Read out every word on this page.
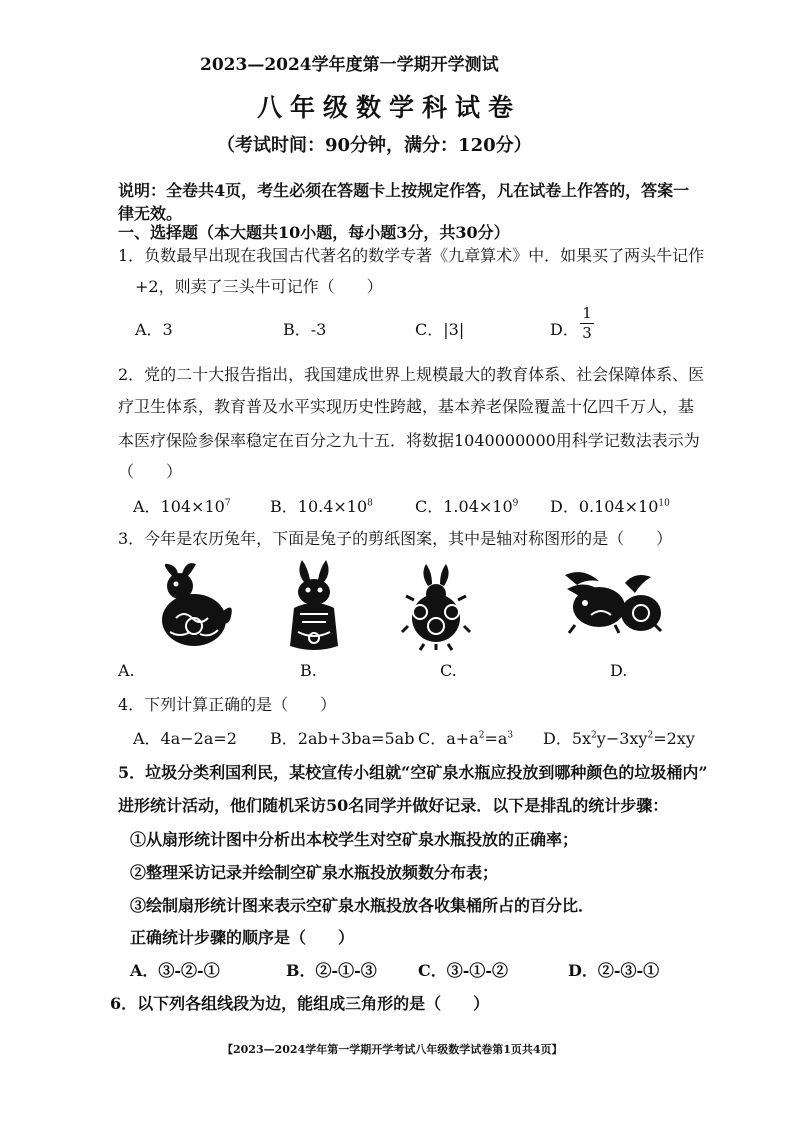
2023—2024学年度第一学期开学测试
八年级数学科试卷
（考试时间：90分钟，满分：120分）
说明：全卷共4页，考生必须在答题卡上按规定作答，凡在试卷上作答的，答案一
律无效。
一、选择题（本大题共10小题，每小题3分，共30分）
1．负数最早出现在我国古代著名的数学专著《九章算术》中．如果买了两头牛记作
+2，则卖了三头牛可记作（　　）
A．3	B．-3	C．|3|	D．
1
3
2．党的二十大报告指出，我国建成世界上规模最大的教育体系、社会保障体系、医
疗卫生体系，教育普及水平实现历史性跨越，基本养老保险覆盖十亿四千万人，基
本医疗保险参保率稳定在百分之九十五．将数据1040000000用科学记数法表示为
（　　）
A．$104\times 10^7$ B．$10.4\times 10^8$	C．$1.04\times 10^9$ D．$0.104\times 10^{10}$
3．今年是农历兔年，下面是兔子的剪纸图案，其中是轴对称图形的是（　　）
A.	B.	C.	D.
4．下列计算正确的是（　　）
A．4a−2a=2 B．2ab+3ba=5ab C．$a+a^2=a^3$ D．$5x^2y-3xy^2=2xy$
5．垃圾分类利国利民，某校宣传小组就“空矿泉水瓶应投放到哪种颜色的垃圾桶内”
进形统计活动，他们随机采访50名同学并做好记录．以下是排乱的统计步骤：
①从扇形统计图中分析出本校学生对空矿泉水瓶投放的正确率；
②整理采访记录并绘制空矿泉水瓶投放频数分布表；
③绘制扇形统计图来表示空矿泉水瓶投放各收集桶所占的百分比．
正确统计步骤的顺序是（　　）
A．③-②-①	B．②-①-③	C．③-①-②	D．②-③-①
6．以下列各组线段为边，能组成三角形的是（　　）
【2023—2024学年第一学期开学考试八年级数学试卷第1页共4页】
